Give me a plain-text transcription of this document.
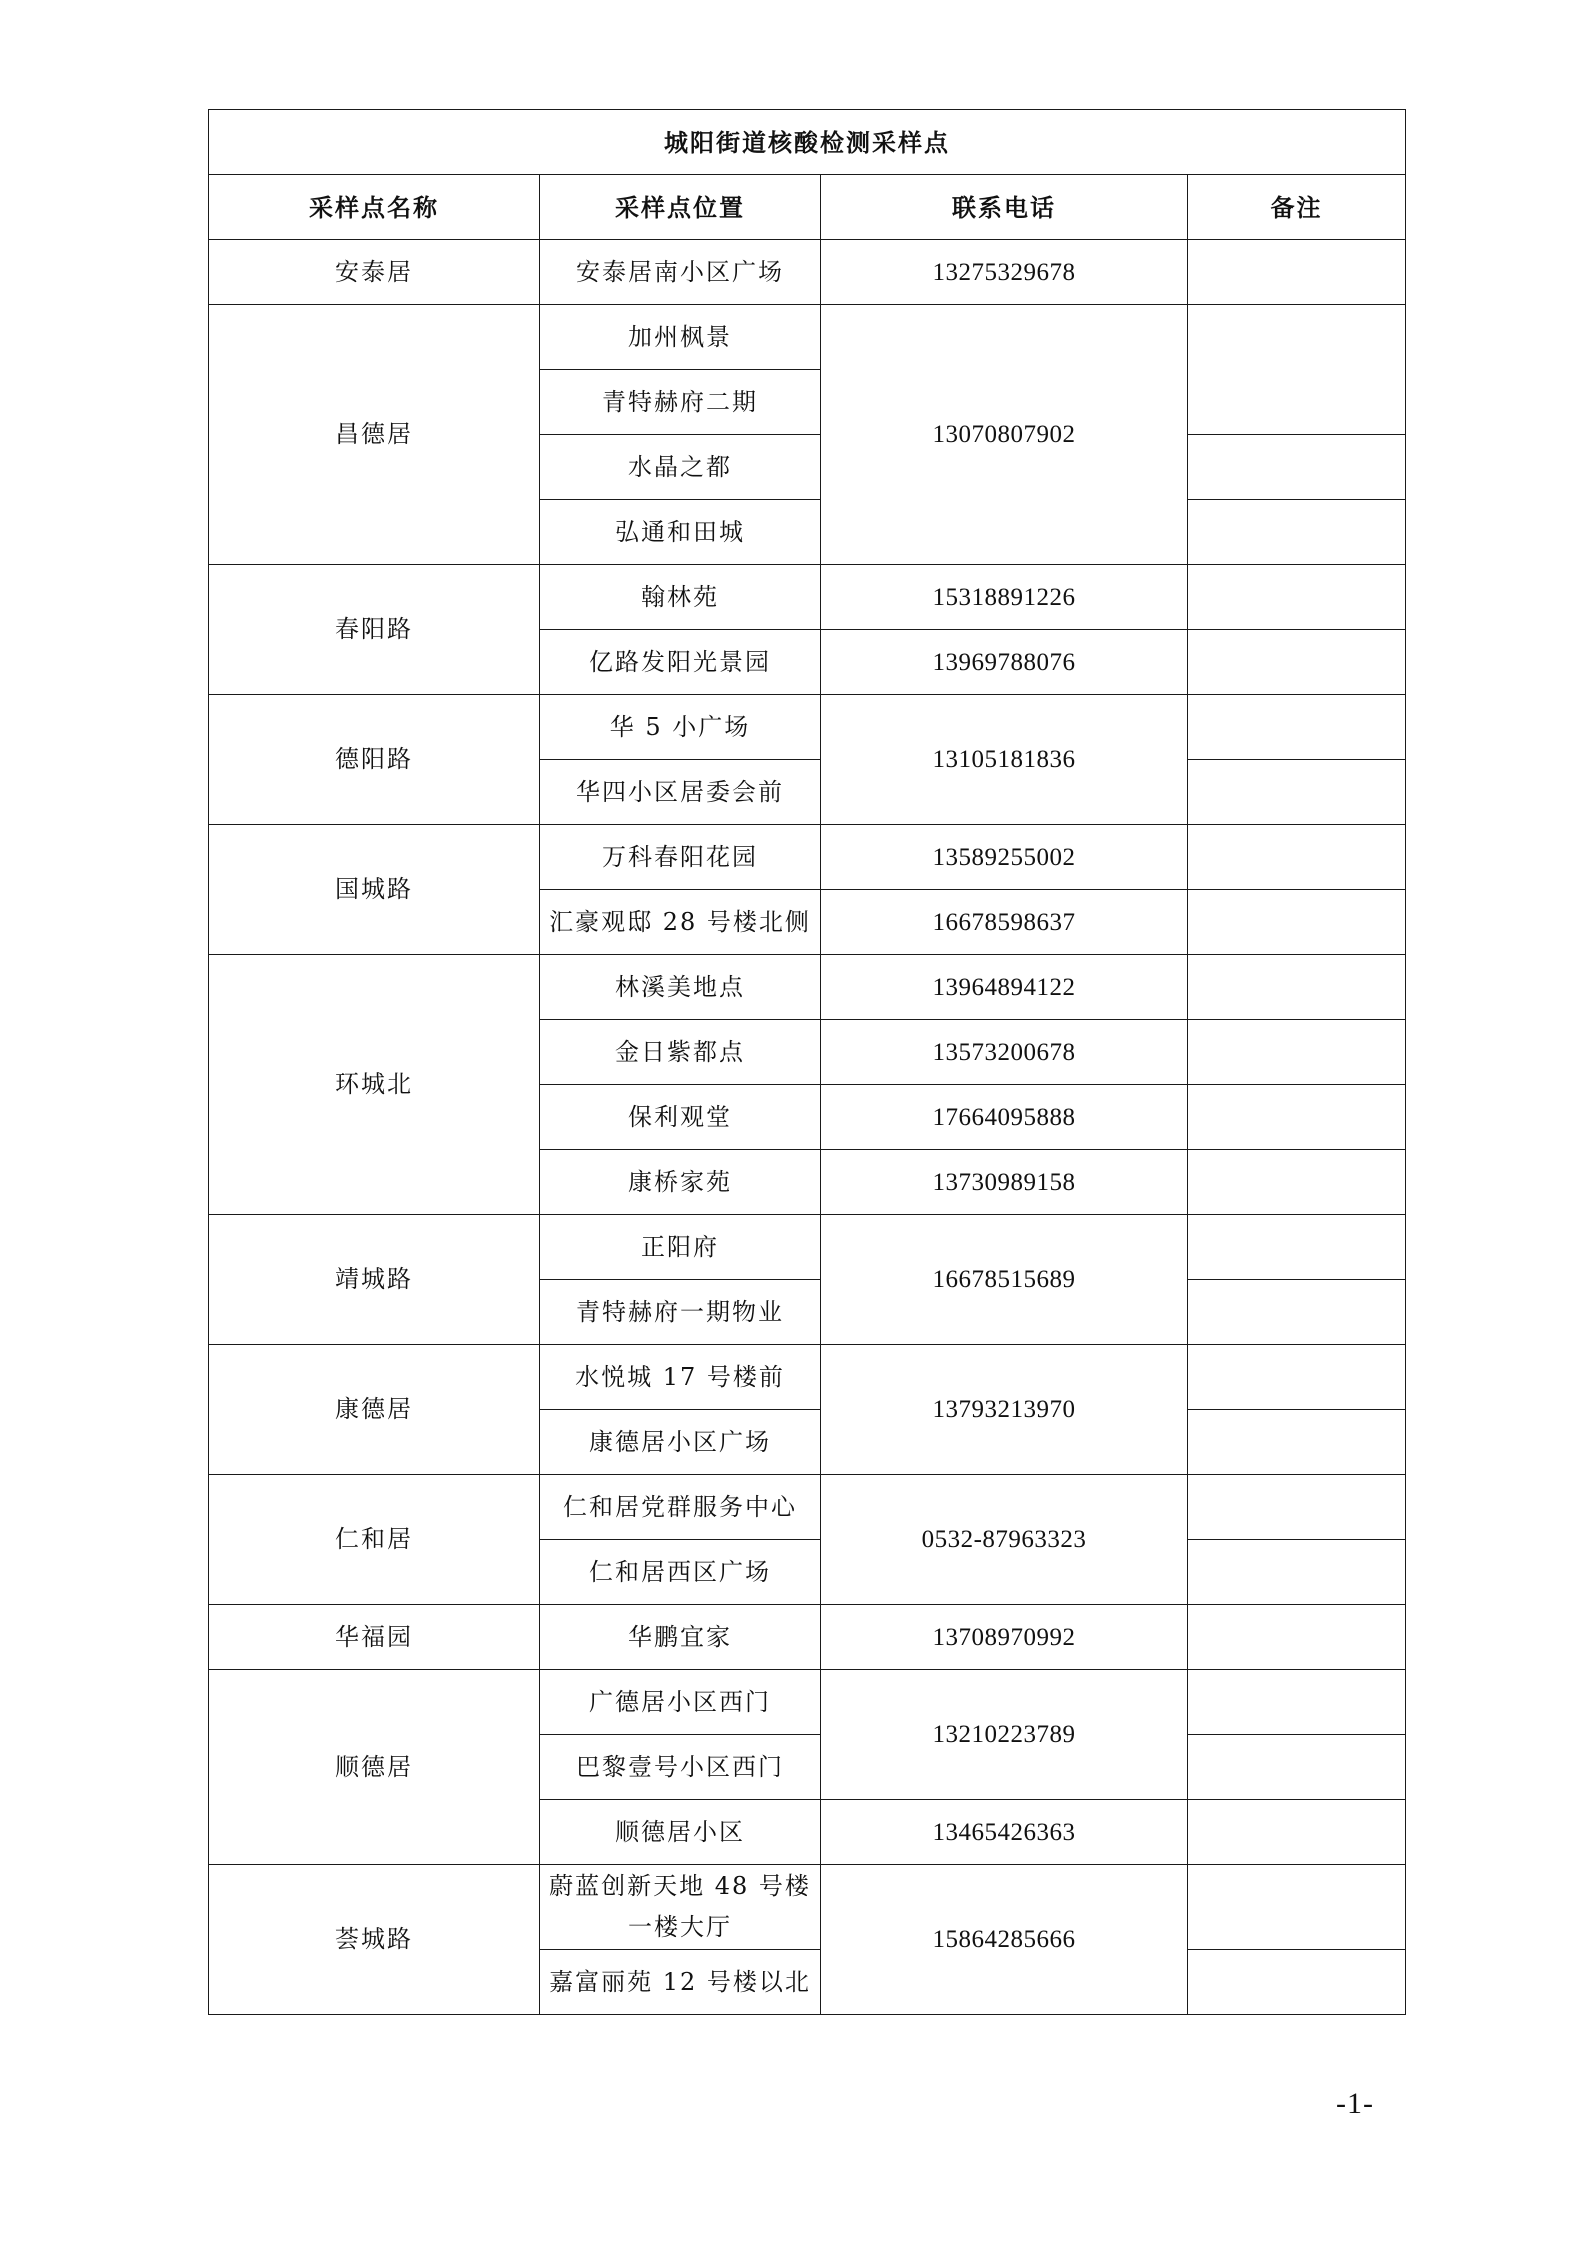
城阳街道核酸检测采样点			
采样点名称	采样点位置	联系电话	备注
安泰居	安泰居南小区广场	13275329678	
昌德居	加州枫景	13070807902	
	青特赫府二期		
	水晶之都		
	弘通和田城		
春阳路	翰林苑	15318891226	
	亿路发阳光景园	13969788076	
德阳路	华 5 小广场	13105181836	
	华四小区居委会前		
国城路	万科春阳花园	13589255002	
	汇豪观邸 28 号楼北侧	16678598637	
环城北	林溪美地点	13964894122	
	金日紫都点	13573200678	
	保利观堂	17664095888	
	康桥家苑	13730989158	
靖城路	正阳府	16678515689	
	青特赫府一期物业		
康德居	水悦城 17 号楼前	13793213970	
	康德居小区广场		
仁和居	仁和居党群服务中心	0532-87963323	
	仁和居西区广场		
华福园	华鹏宜家	13708970992	
顺德居	广德居小区西门	13210223789	
	巴黎壹号小区西门		
	顺德居小区	13465426363	
荟城路	蔚蓝创新天地 48 号楼一楼大厅	15864285666	
	嘉富丽苑 12 号楼以北		
-1-
